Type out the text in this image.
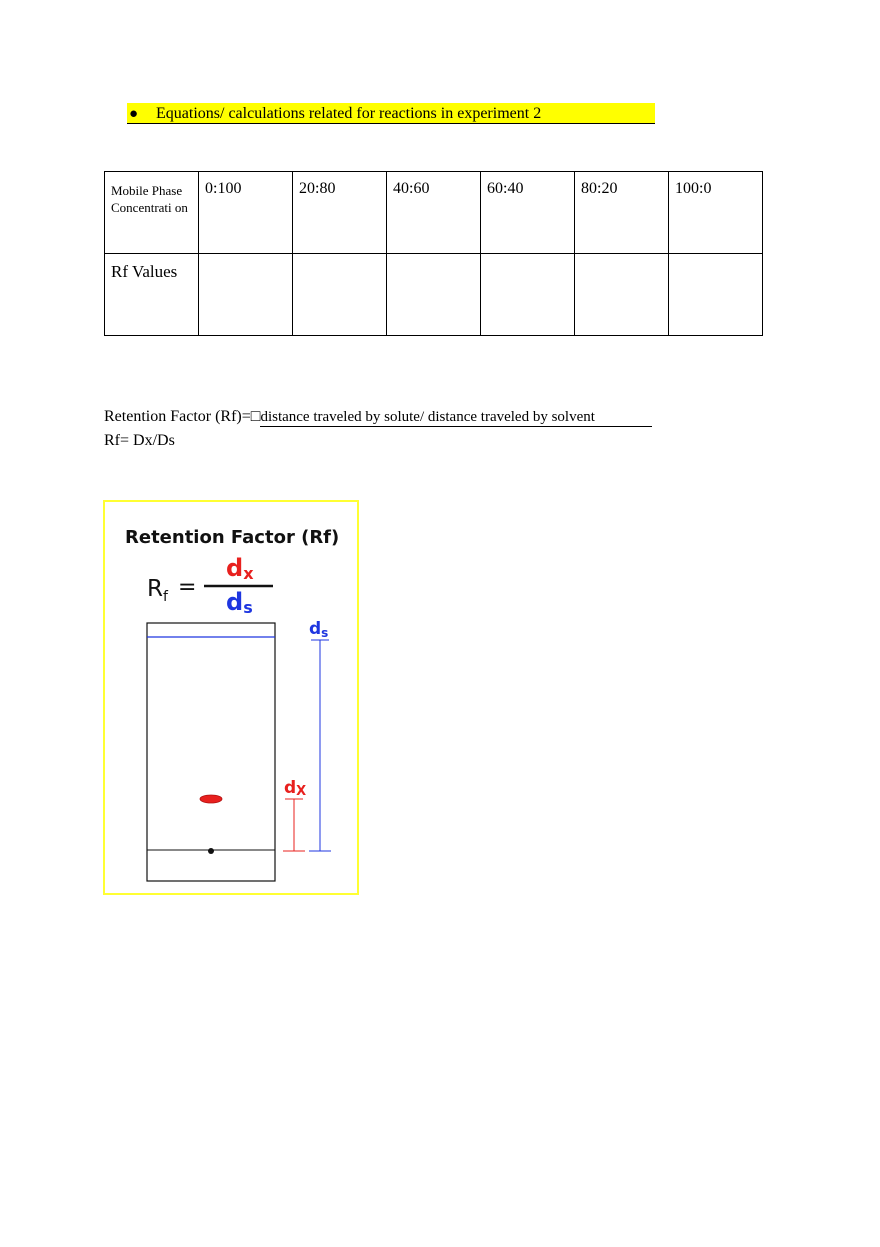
● Equations/ calculations related for reactions in experiment 2
Mobile Phase Concentrati on	0:100	20:80	40:60	60:40	80:20	100:0
Rf Values						
Retention Factor (Rf)=□distance traveled by solute/ distance traveled by solvent
Rf= Dx/Ds
Retention Factor (Rf)
$R_f$ =
dx
ds
ds
dX
